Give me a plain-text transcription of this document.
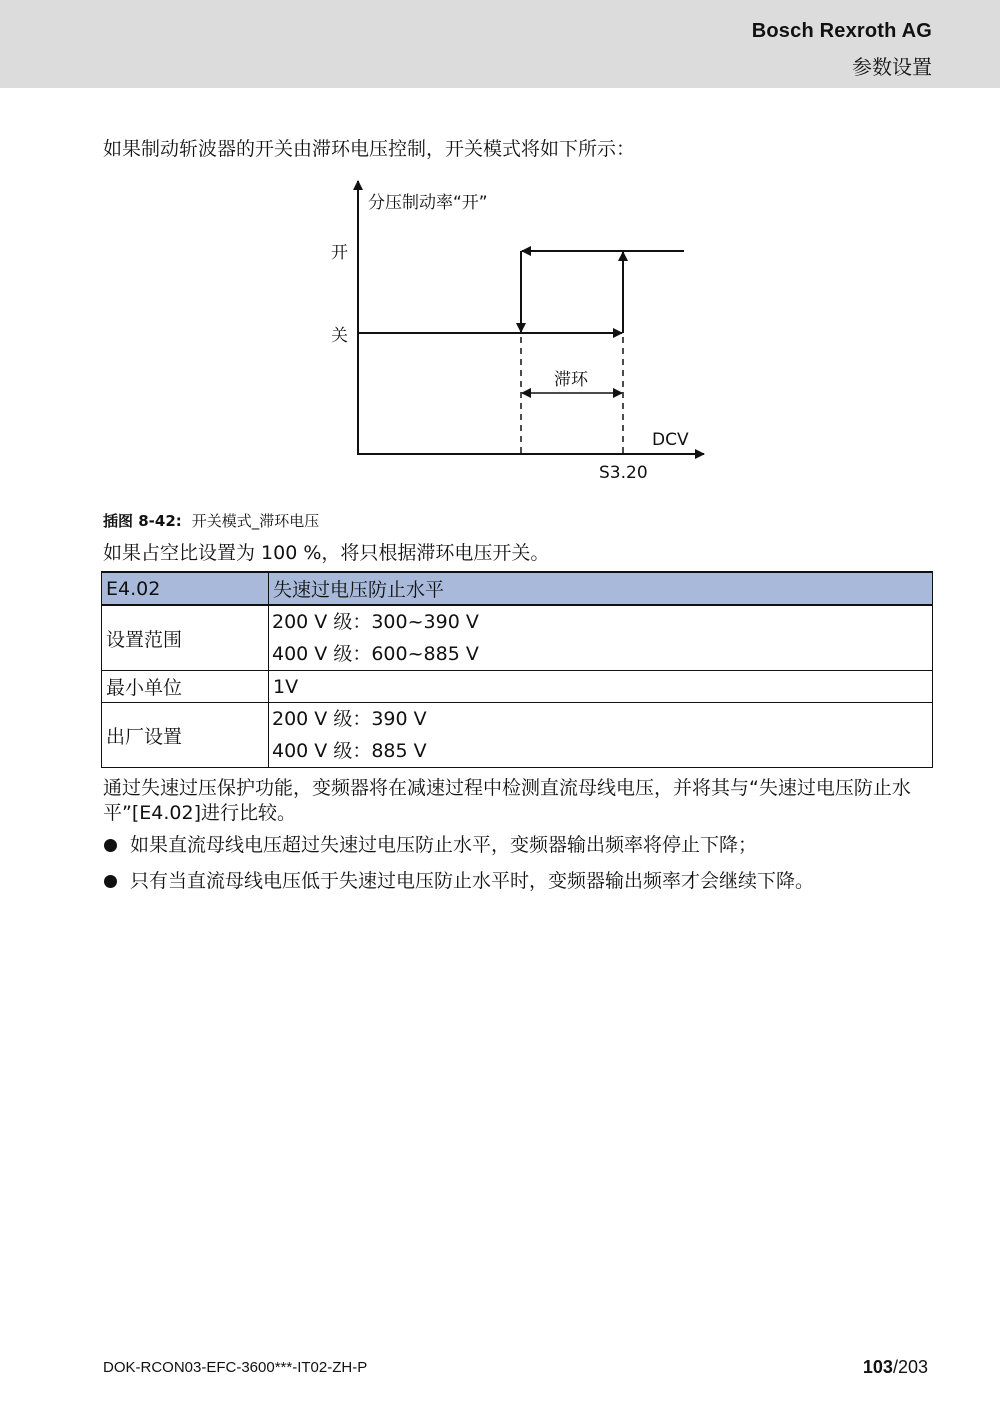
Bosch Rexroth AG
参数设置
如果制动斩波器的开关由滞环电压控制，开关模式将如下所示：
分压制动率“开”
开
关
滞环
DCV
S3.20
插图 8-42: 开关模式_滞环电压
如果占空比设置为 100 %，将只根据滞环电压开关。
E4.02	失速过电压防止水平
设置范围	200 V 级：300~390 V
400 V 级：600~885 V

最小单位	1V
出厂设置	200 V 级：390 V
400 V 级：885 V
通过失速过压保护功能，变频器将在减速过程中检测直流母线电压，并将其与“失速过电压防止水平”[E4.02]进行比较。
如果直流母线电压超过失速过电压防止水平，变频器输出频率将停止下降；
只有当直流母线电压低于失速过电压防止水平时，变频器输出频率才会继续下降。
DOK-RCON03-EFC-3600***-IT02-ZH-P	103/203
